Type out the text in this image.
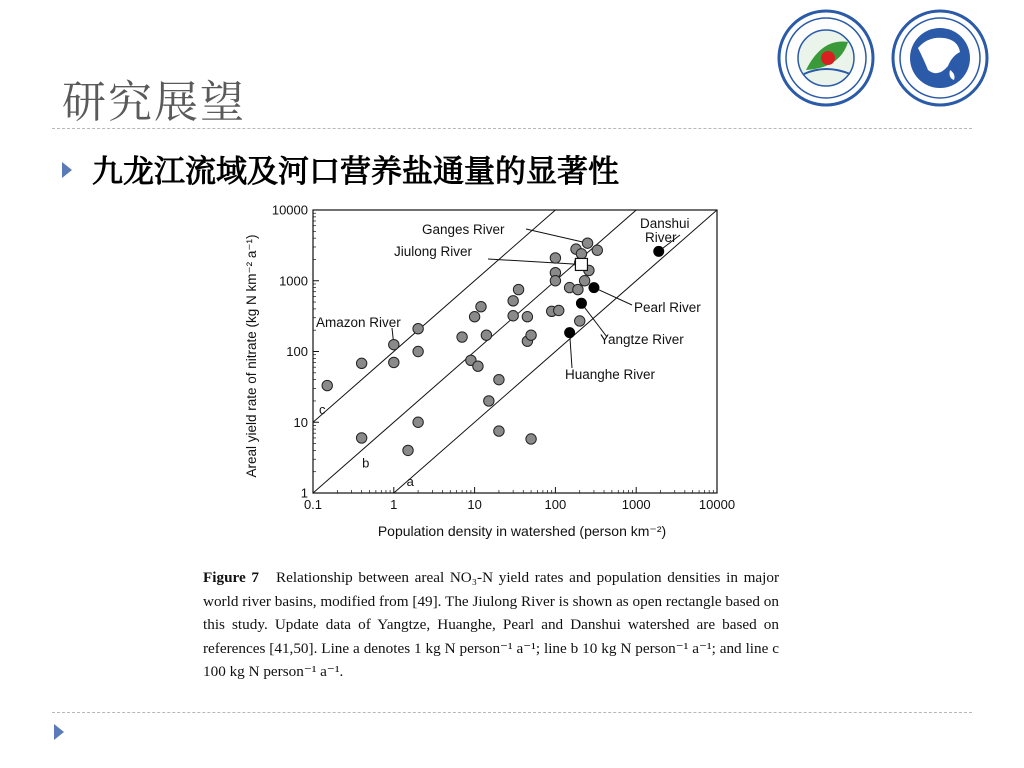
研究展望
九龙江流域及河口营养盐通量的显著性
0.1	1	10	100	1000	10000
1
10
100
1000
10000
a
b
c
Ganges River
Jiulong River
Danshui River
Amazon River
Pearl River
Yangtze River
Huanghe River
Population density in watershed (person km⁻²)
Areal yield rate of nitrate (kg N km⁻² a⁻¹)
Figure 7 Relationship between areal NO₃-N yield rates and population densities in major world river basins, modified from [49]. The Jiulong River is shown as open rectangle based on this study. Update data of Yangtze, Huanghe, Pearl and Danshui watershed are based on references [41,50]. Line a denotes 1 kg N person⁻¹ a⁻¹; line b 10 kg N person⁻¹ a⁻¹; and line c 100 kg N person⁻¹ a⁻¹.
